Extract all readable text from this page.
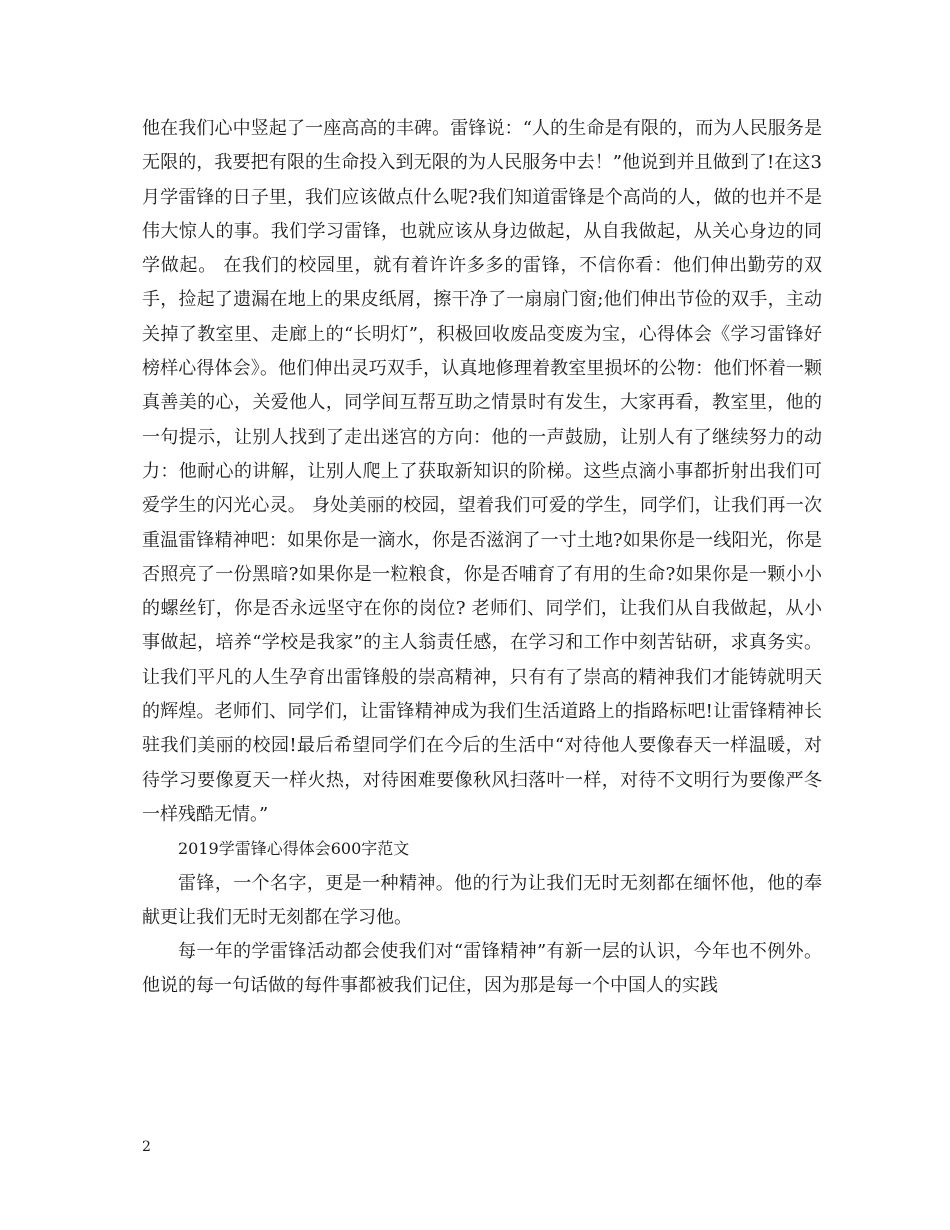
他在我们心中竖起了一座高高的丰碑。雷锋说：“人的生命是有限的，而为人民服务是无限的，我要把有限的生命投入到无限的为人民服务中去！”他说到并且做到了!在这3月学雷锋的日子里，我们应该做点什么呢?我们知道雷锋是个高尚的人，做的也并不是伟大惊人的事。我们学习雷锋，也就应该从身边做起，从自我做起，从关心身边的同学做起。 在我们的校园里，就有着许许多多的雷锋，不信你看：他们伸出勤劳的双手，捡起了遗漏在地上的果皮纸屑，擦干净了一扇扇门窗;他们伸出节俭的双手，主动关掉了教室里、走廊上的“长明灯”，积极回收废品变废为宝，心得体会《学习雷锋好榜样心得体会》。他们伸出灵巧双手，认真地修理着教室里损坏的公物：他们怀着一颗真善美的心，关爱他人，同学间互帮互助之情景时有发生，大家再看，教室里，他的一句提示，让别人找到了走出迷宫的方向：他的一声鼓励，让别人有了继续努力的动力：他耐心的讲解，让别人爬上了获取新知识的阶梯。这些点滴小事都折射出我们可爱学生的闪光心灵。 身处美丽的校园，望着我们可爱的学生，同学们，让我们再一次重温雷锋精神吧：如果你是一滴水，你是否滋润了一寸土地?如果你是一线阳光，你是否照亮了一份黑暗?如果你是一粒粮食，你是否哺育了有用的生命?如果你是一颗小小的螺丝钉，你是否永远坚守在你的岗位? 老师们、同学们，让我们从自我做起，从小事做起，培养“学校是我家”的主人翁责任感，在学习和工作中刻苦钻研，求真务实。让我们平凡的人生孕育出雷锋般的崇高精神，只有有了崇高的精神我们才能铸就明天的辉煌。老师们、同学们，让雷锋精神成为我们生活道路上的指路标吧!让雷锋精神长驻我们美丽的校园!最后希望同学们在今后的生活中“对待他人要像春天一样温暖，对待学习要像夏天一样火热，对待困难要像秋风扫落叶一样，对待不文明行为要像严冬一样残酷无情。”

2019学雷锋心得体会600字范文

雷锋，一个名字，更是一种精神。他的行为让我们无时无刻都在缅怀他，他的奉献更让我们无时无刻都在学习他。

每一年的学雷锋活动都会使我们对“雷锋精神”有新一层的认识，今年也不例外。他说的每一句话做的每件事都被我们记住，因为那是每一个中国人的实践

2
